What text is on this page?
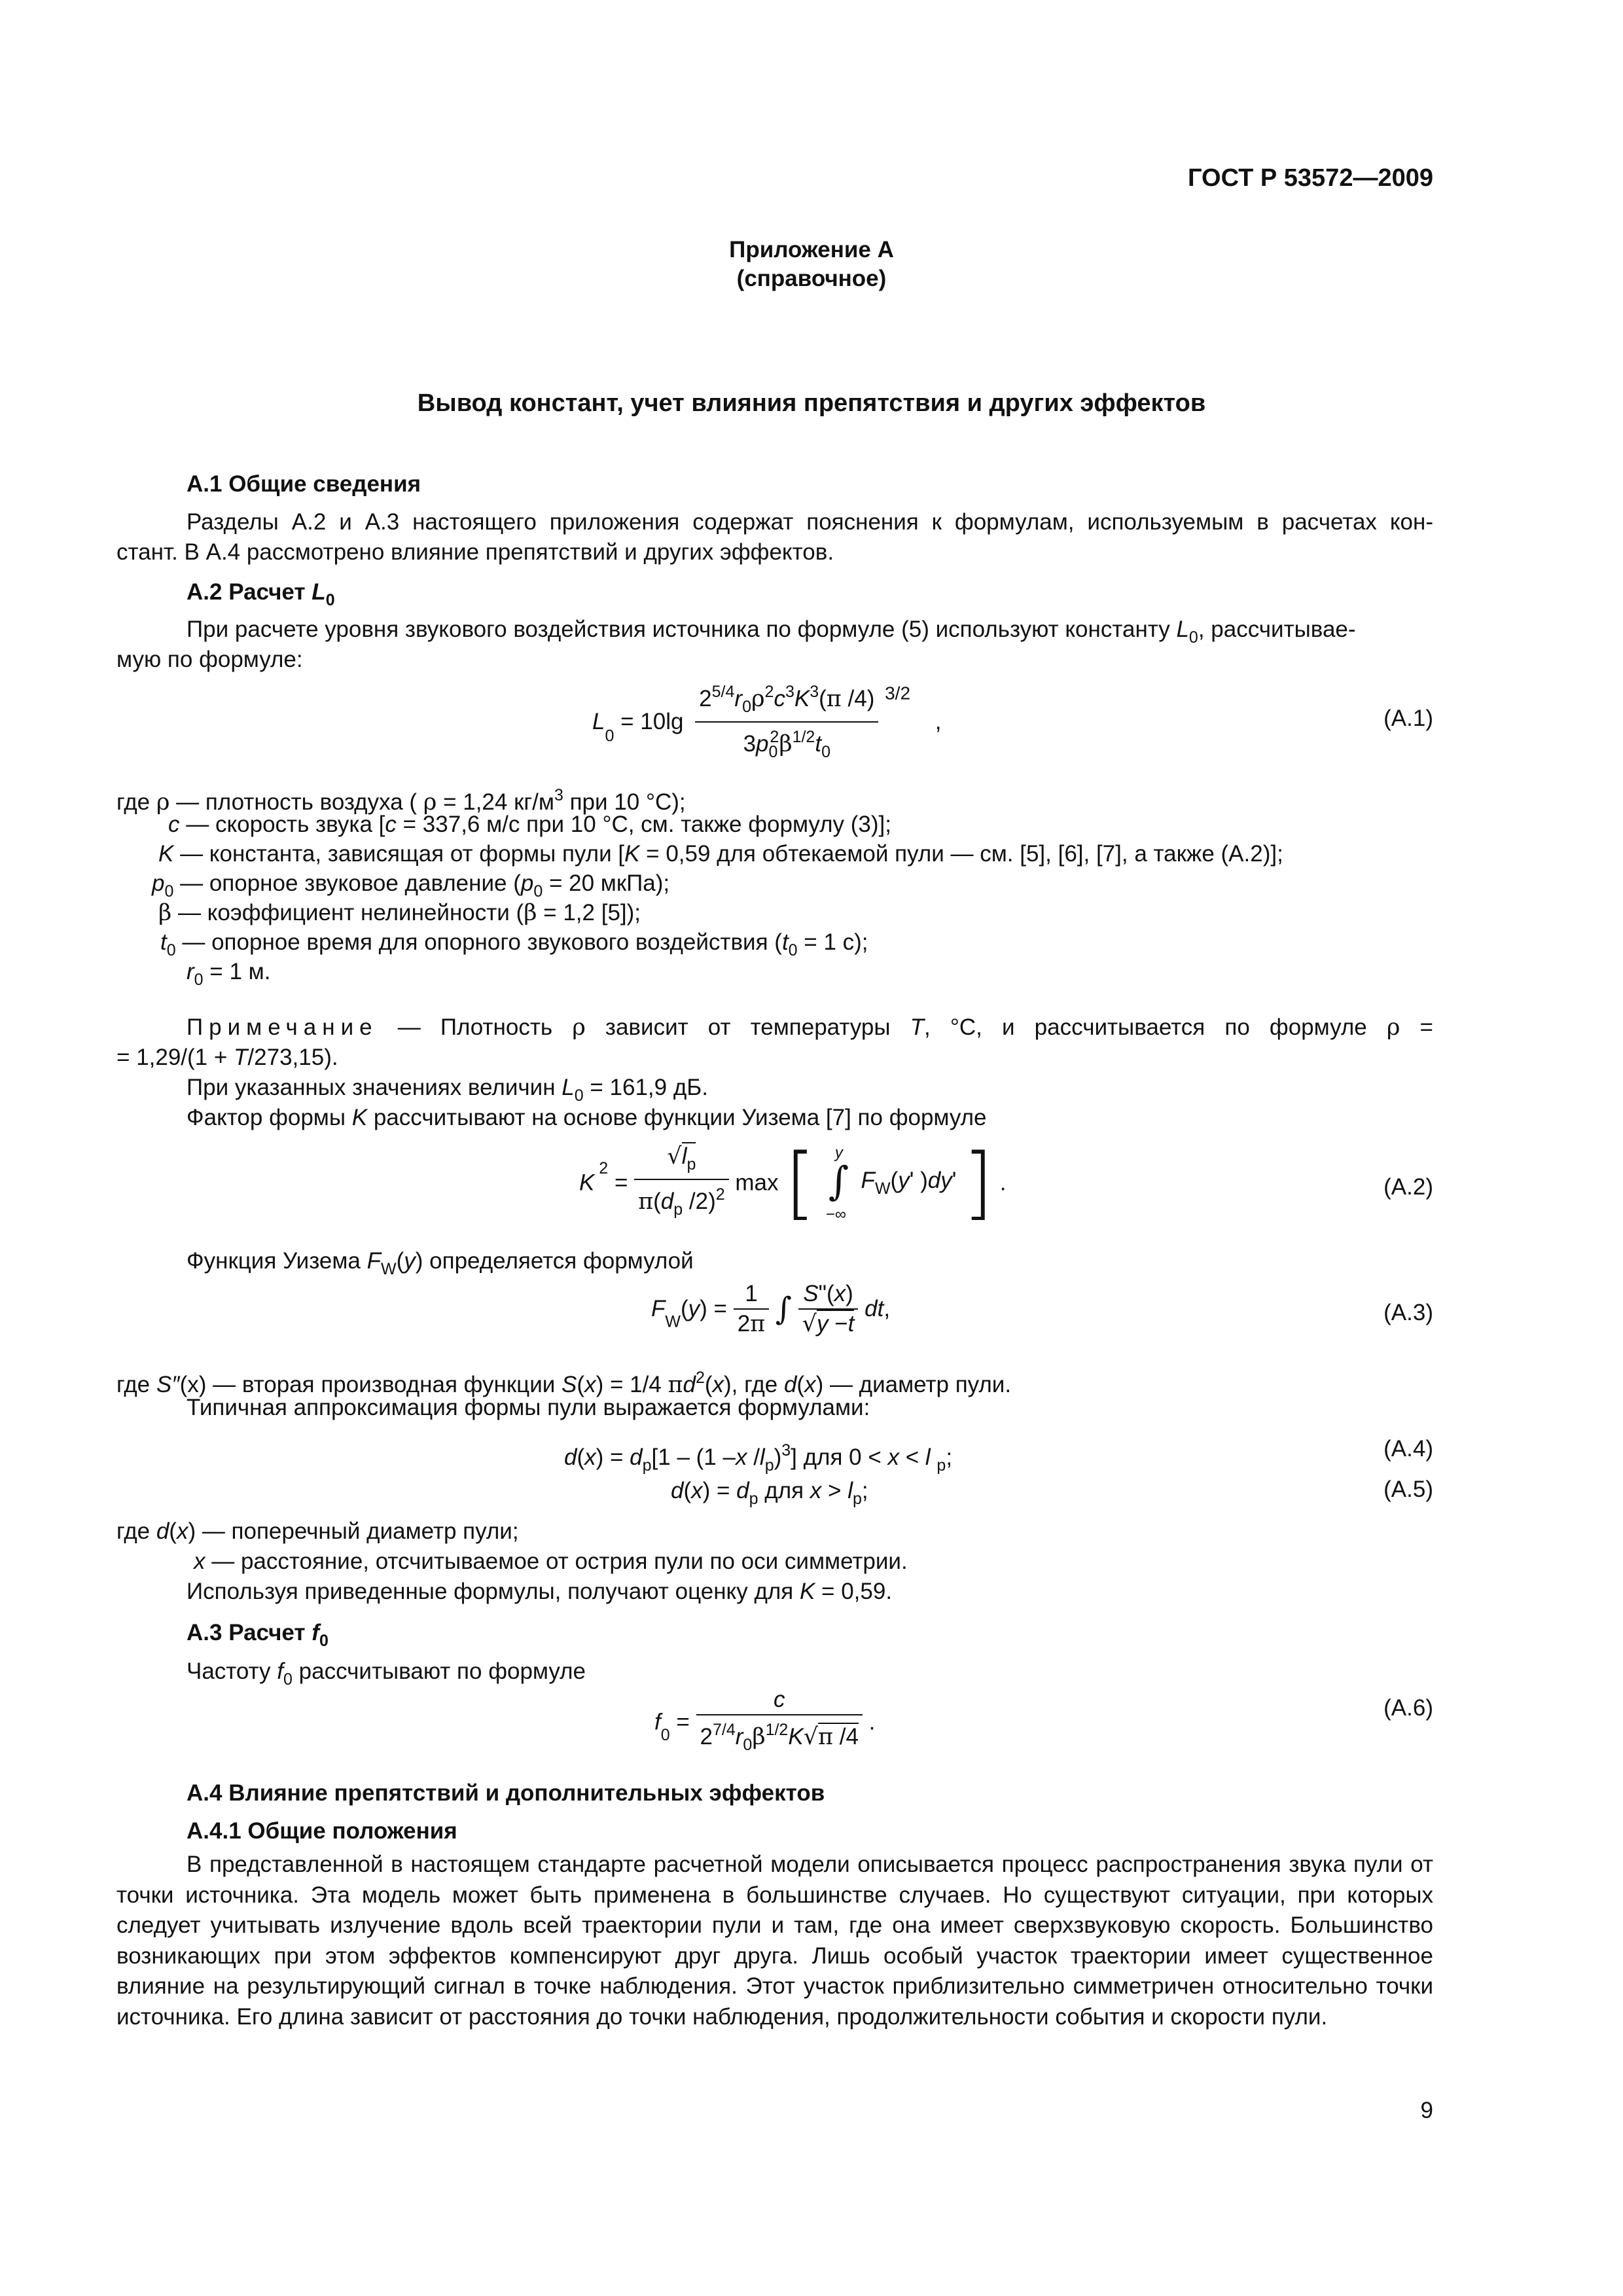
ГОСТ Р 53572—2009
Приложение А
(справочное)
Вывод констант, учет влияния препятствия и других эффектов
А.1 Общие сведения
Разделы А.2 и А.3 настоящего приложения содержат пояснения к формулам, используемым в расчетах кон-
стант. В А.4 рассмотрено влияние препятствий и других эффектов.
А.2 Расчет $L_0$
При расчете уровня звукового воздействия источника по формуле (5) используют константу $L_0$, рассчитывае-
мую по формуле:
$L_0 = 10\lg \frac{2^{5/4}r_0\rho^2c^3K^3(\pi /4)}{3p_0^2\beta^{1/2}t_0} ^{3/2}$ ,	(А.1)
где ρ — плотность воздуха ( ρ = 1,24 $кг/м^3$ при 10 °С);
c — скорость звука [c = 337,6 м/с при 10 °С, см. также формулу (3)];
K — константа, зависящая от формы пули [K = 0,59 для обтекаемой пули — см. [5], [6], [7], а также (А.2)];
$p_0$ — опорное звуковое давление ($p_0 = 20$ мкПа);
β — коэффициент нелинейности (β = 1,2 [5]);
$t_0$ — опорное время для опорного звукового воздействия ($t_0 = 1$ с);
$r_0 = 1$ м.
Примечание — Плотность ρ зависит от температуры T, °С, и рассчитывается по формуле ρ =
= 1,29/(1 + T/273,15).
При указанных значениях величин $L_0 = 161,9$ дБ.
Фактор формы K рассчитывают на основе функции Уизема [7] по формуле
K $^2 = \frac{√l_p}{\pi(d_p /2)^2}$ max [ y
∫
−∞
$F_W(y'$ )dy' ] .	(А.2)
Функция Уизема $F_W(y)$ определяется формулой
$F_W(y) = \frac{1}{2\pi}$ ∫ $\frac{S"(x)}{√y -t}$ dt,	(А.3)
где S″(x) — вторая производная функции S(x) = 1/4 $\pi d^2(x)$, где d(x) — диаметр пули.
Типичная аппроксимация формы пули выражается формулами:
$d(x) = d_p[1 - (1$ –x $/l_p)^3$] для 0 < x < l $_p$;	(А.4)
$d(x) = d_p$ для $x > l_p$;	(А.5)
где d(x) — поперечный диаметр пули;
x — расстояние, отсчитываемое от острия пули по оси симметрии.
Используя приведенные формулы, получают оценку для K = 0,59.
А.3 Расчет $f_0$
Частоту $f_0$ рассчитывают по формуле
$f_0 = \frac{c}{2^{7/4}r_0\beta^{1/2}K√\pi /4}$ .
(А.6)
А.4 Влияние препятствий и дополнительных эффектов
А.4.1 Общие положения
В представленной в настоящем стандарте расчетной модели описывается процесс распространения звука пули от точки источника. Эта модель может быть применена в большинстве случаев. Но существуют ситуации, при которых следует учитывать излучение вдоль всей траектории пули и там, где она имеет сверхзвуковую скорость. Большинство возникающих при этом эффектов компенсируют друг друга. Лишь особый участок траектории имеет существенное влияние на результирующий сигнал в точке наблюдения. Этот участок приблизительно симметричен относительно точки источника. Его длина зависит от расстояния до точки наблюдения, продолжительности события и скорости пули.
9
